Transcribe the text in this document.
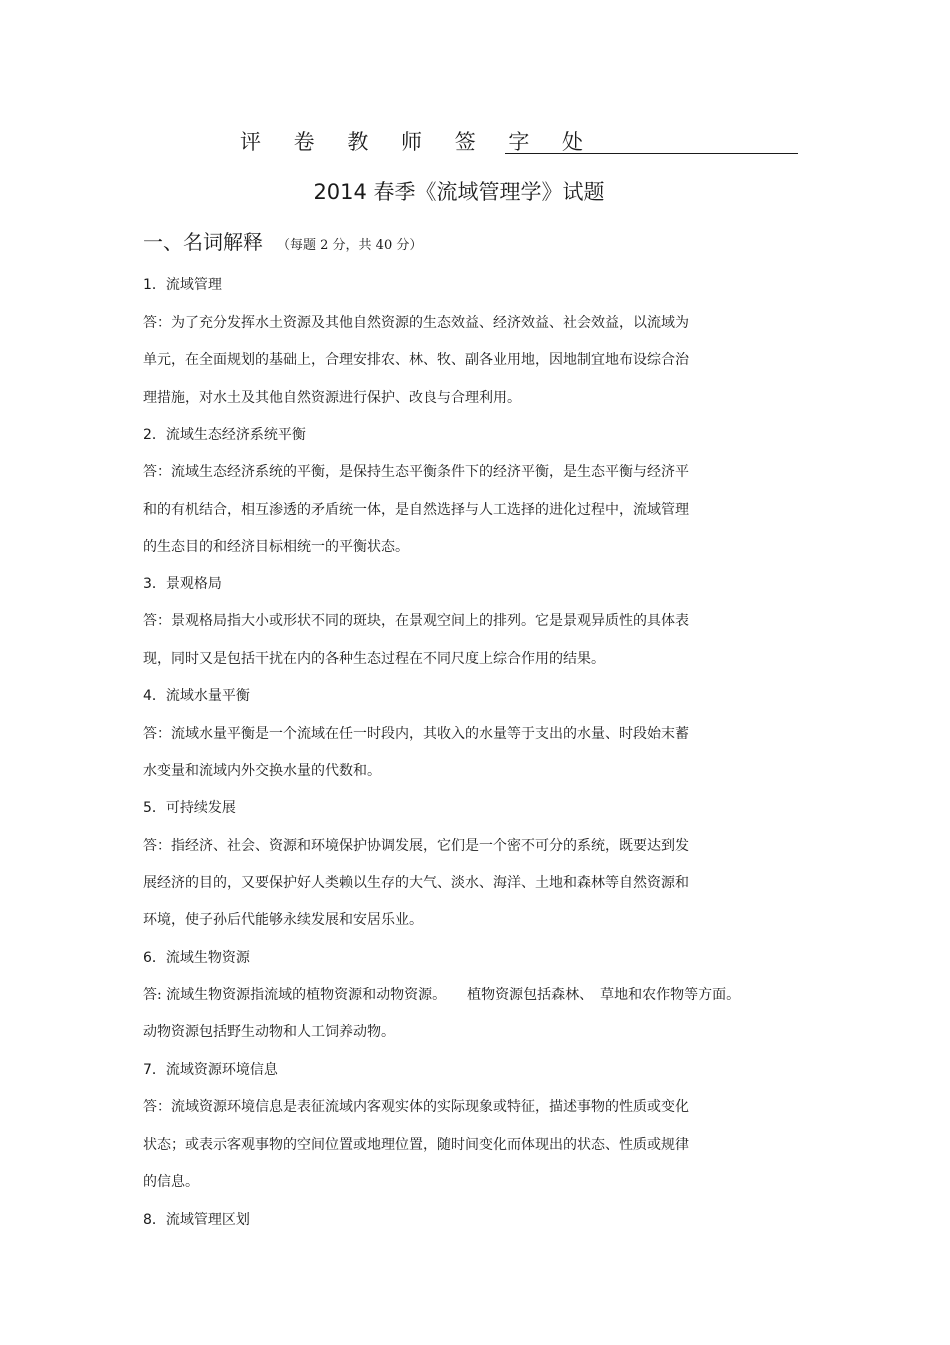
评 卷 教 师 签 字 处
2014 春季《流域管理学》试题
一、名词解释 （每题 2 分，共 40 分）
1．流域管理
答：为了充分发挥水土资源及其他自然资源的生态效益、经济效益、社会效益，以流域为
单元，在全面规划的基础上，合理安排农、林、牧、副各业用地，因地制宜地布设综合治
理措施，对水土及其他自然资源进行保护、改良与合理利用。
2．流域生态经济系统平衡
答：流域生态经济系统的平衡，是保持生态平衡条件下的经济平衡，是生态平衡与经济平
和的有机结合，相互渗透的矛盾统一体，是自然选择与人工选择的进化过程中，流域管理
的生态目的和经济目标相统一的平衡状态。
3．景观格局
答：景观格局指大小或形状不同的斑块，在景观空间上的排列。它是景观异质性的具体表
现，同时又是包括干扰在内的各种生态过程在不同尺度上综合作用的结果。
4．流域水量平衡
答：流域水量平衡是一个流域在任一时段内，其收入的水量等于支出的水量、时段始末蓄
水变量和流域内外交换水量的代数和。
5．可持续发展
答：指经济、社会、资源和环境保护协调发展，它们是一个密不可分的系统，既要达到发
展经济的目的，又要保护好人类赖以生存的大气、淡水、海洋、土地和森林等自然资源和
环境，使子孙后代能够永续发展和安居乐业。
6．流域生物资源
答: 流域生物资源指流域的植物资源和动物资源。　　植物资源包括森林、　草地和农作物等方面。
动物资源包括野生动物和人工饲养动物。
7．流域资源环境信息
答：流域资源环境信息是表征流域内客观实体的实际现象或特征，描述事物的性质或变化
状态；或表示客观事物的空间位置或地理位置，随时间变化而体现出的状态、性质或规律
的信息。
8．流域管理区划
